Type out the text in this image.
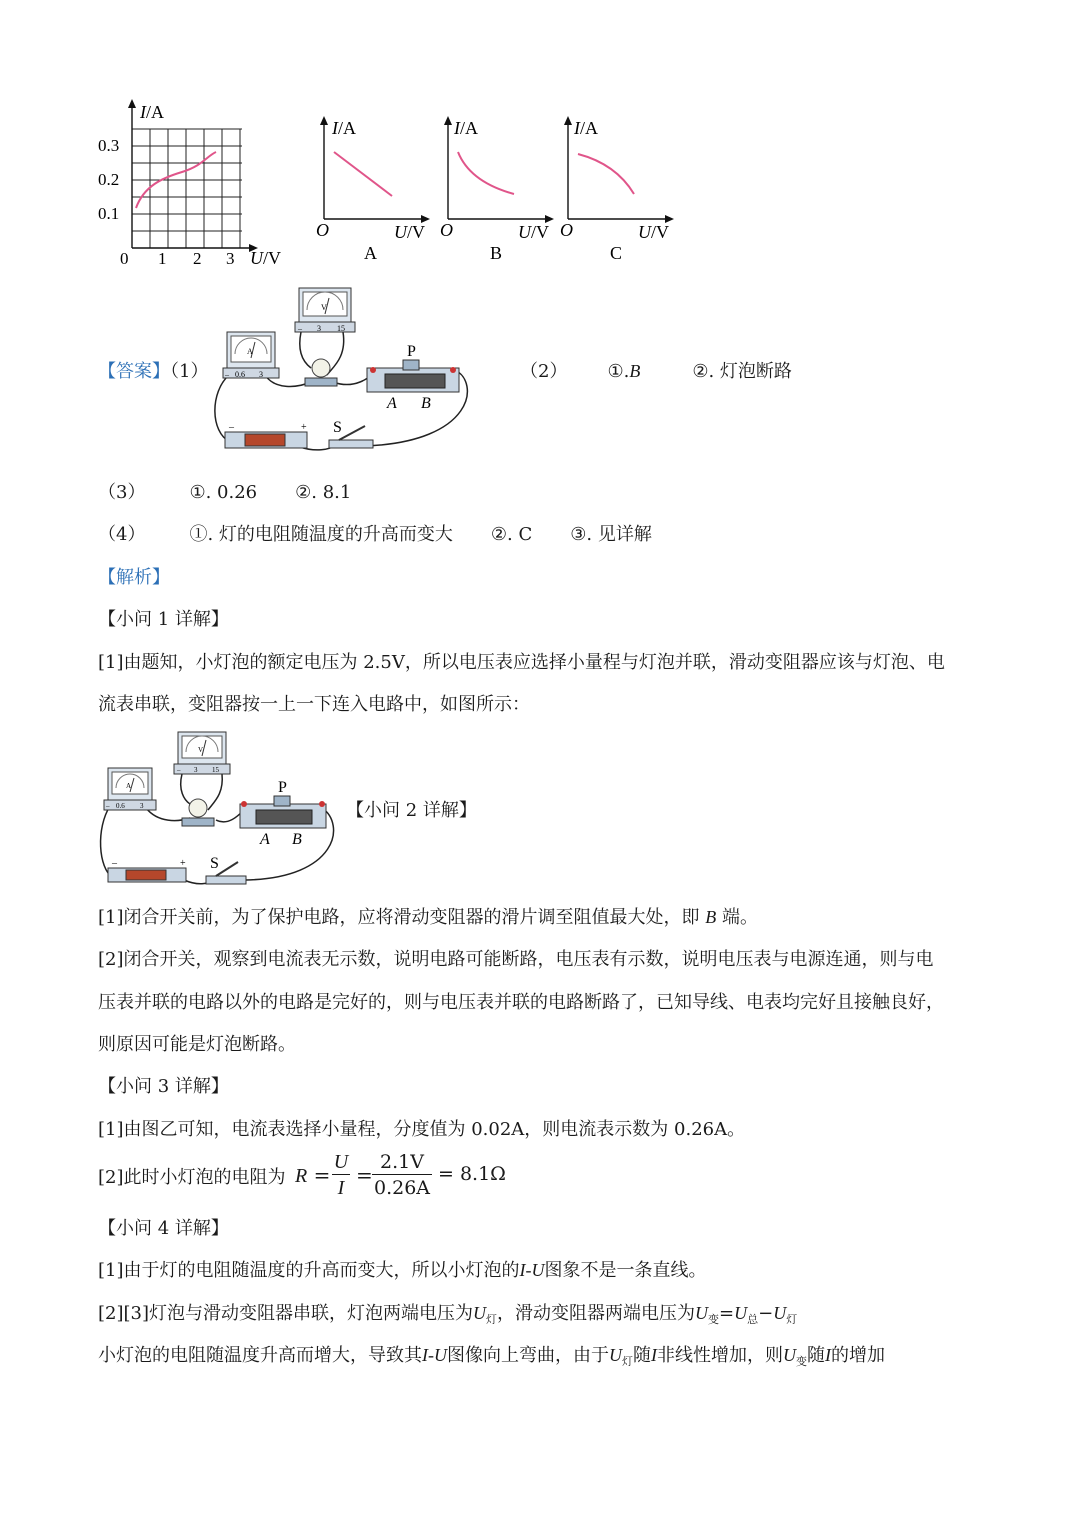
I/A
0.3
0.2
0.1
0 1 2 3 U/V
I/A
O	U/V
A
I/A
O	U/V
B
I/A
O	U/V
C
【答案】（1）
A
– 0.6 3
V
– 3 15
P
A B
–	+ S
（2） ①.B	②. 灯泡断路
（3） ①. 0.26 ②. 8.1
（4） ①. 灯的电阻随温度的升高而变大 ②. C ③. 见详解
【解析】
【小问 1 详解】
[1]由题知，小灯泡的额定电压为 2.5V，所以电压表应选择小量程与灯泡并联，滑动变阻器应该与灯泡、电
流表串联，变阻器按一上一下连入电路中，如图所示：
A
– 0.6 3
V
– 3 15
P
A B
–	+ S
【小问 2 详解】
[1]闭合开关前，为了保护电路，应将滑动变阻器的滑片调至阻值最大处，即 B 端。
[2]闭合开关，观察到电流表无示数，说明电路可能断路，电压表有示数，说明电压表与电源连通，则与电
压表并联的电路以外的电路是完好的，则与电压表并联的电路断路了，已知导线、电表均完好且接触良好，
则原因可能是灯泡断路。
【小问 3 详解】
[1]由图乙可知，电流表选择小量程，分度值为 0.02A，则电流表示数为 0.26A。
[2]此时小灯泡的电阻为 R =
U
I
=
2.1V
0.26A
= 8.1Ω
【小问 4 详解】
[1]由于灯的电阻随温度的升高而变大，所以小灯泡的I-U图象不是一条直线。
[2][3]灯泡与滑动变阻器串联，灯泡两端电压为$U_灯$，滑动变阻器两端电压为$U_变=U_总-U_灯$
小灯泡的电阻随温度升高而增大，导致其I-U图像向上弯曲，由于$U_灯$随I非线性增加，则$U_变$随I的增加
